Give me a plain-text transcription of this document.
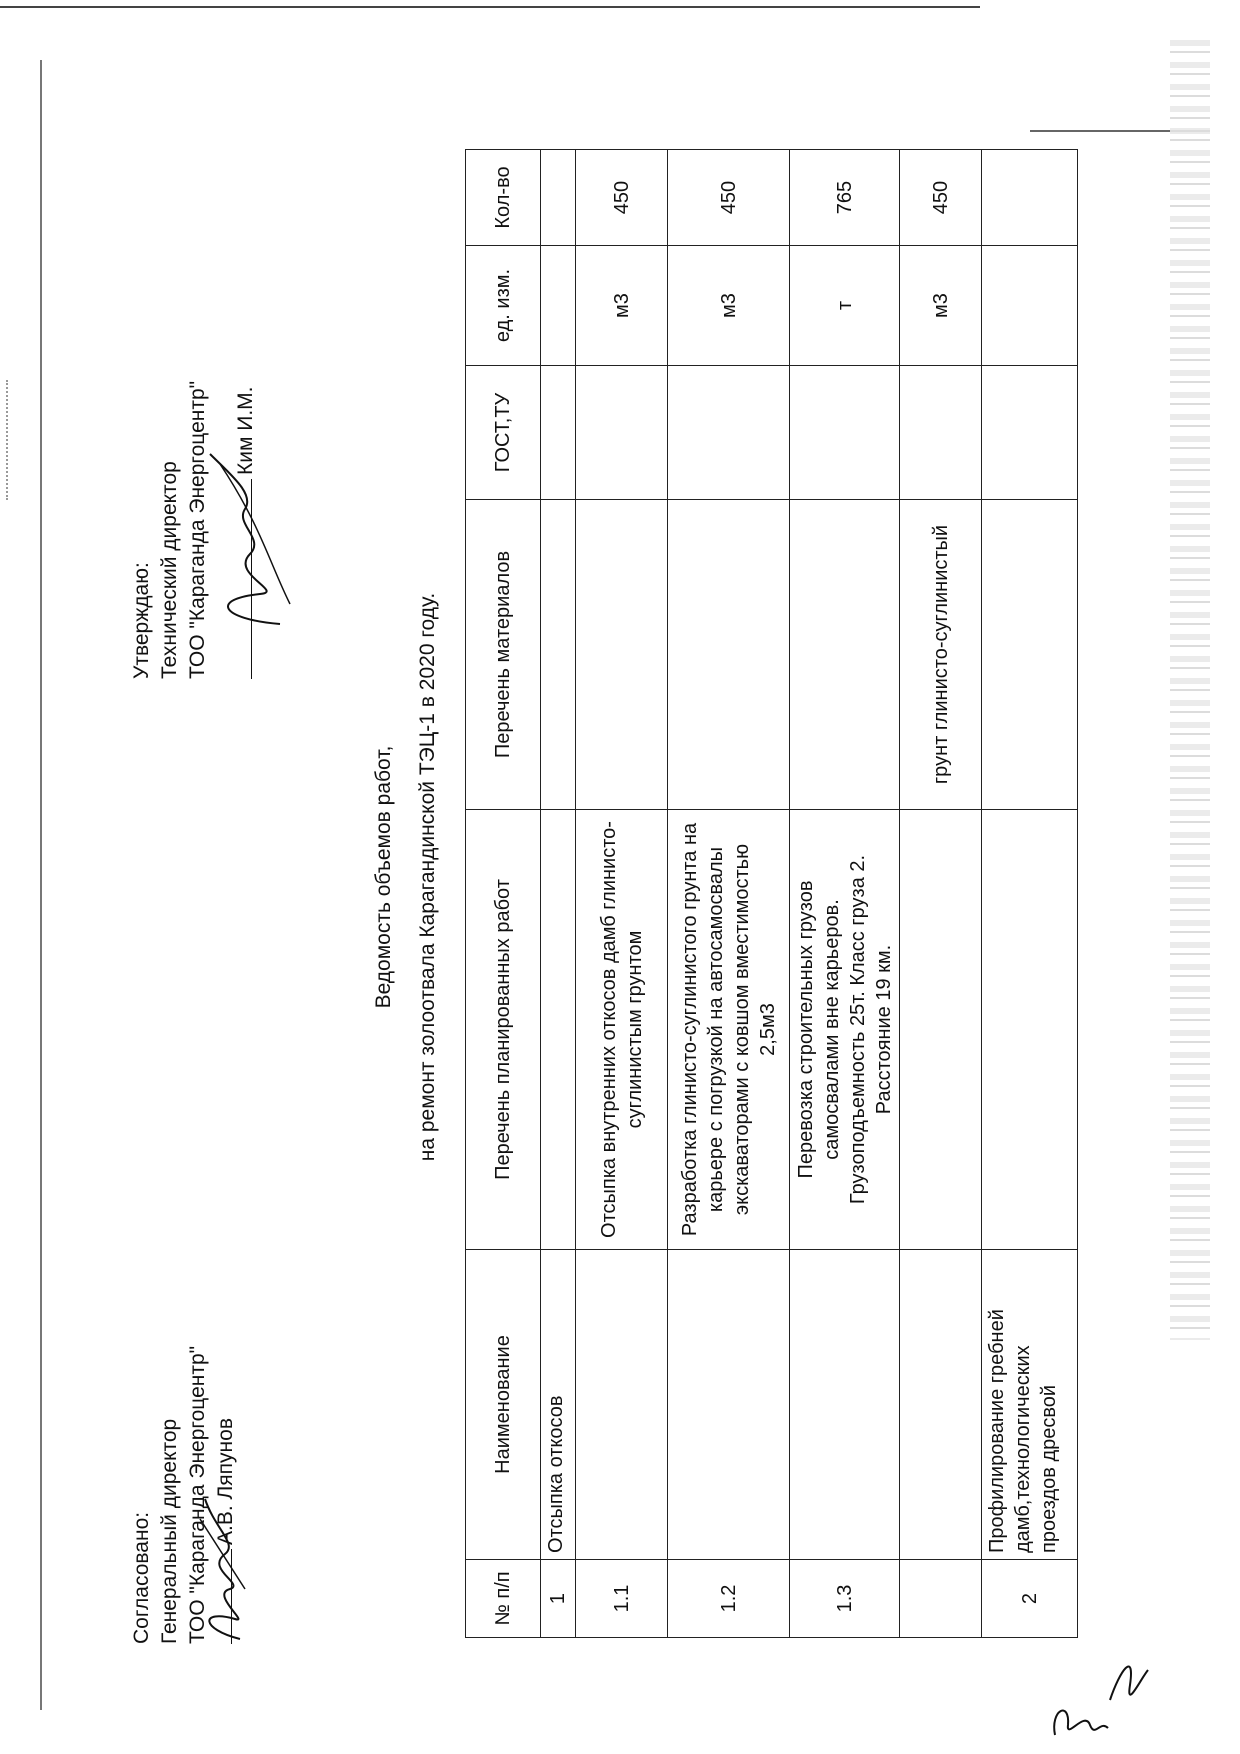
Согласовано: Генеральный директор ТОО "Караганда Энергоцентр" А.В. Ляпунов
Утверждаю: Технический директор ТОО "Караганда Энергоцентр" Ким И.М.
Ведомость объемов работ, на ремонт золоотвала Карагандинской ТЭЦ-1 в 2020 году.
№ п/п	Наименование	Перечень планированных работ	Перечень материалов	ГОСТ,ТУ	ед. изм.	Кол-во
1	Отсыпка откосов					
1.1		Отсыпка внутренних откосов дамб глинисто-суглинистым грунтом			м3	450
1.2		Разработка глинисто-суглинистого грунта на карьере с погрузкой на автосамосвалы экскаваторами с ковшом вместимостью 2,5м3			м3	450
1.3		Перевозка строительных грузов самосвалами вне карьеров. Грузоподъемность 25т. Класс груза 2. Расстояние 19 км.			т	765
			грунт глинисто-суглинистый		м3	450
2	Профилирование гребней дамб,технологических проездов дресвой					
